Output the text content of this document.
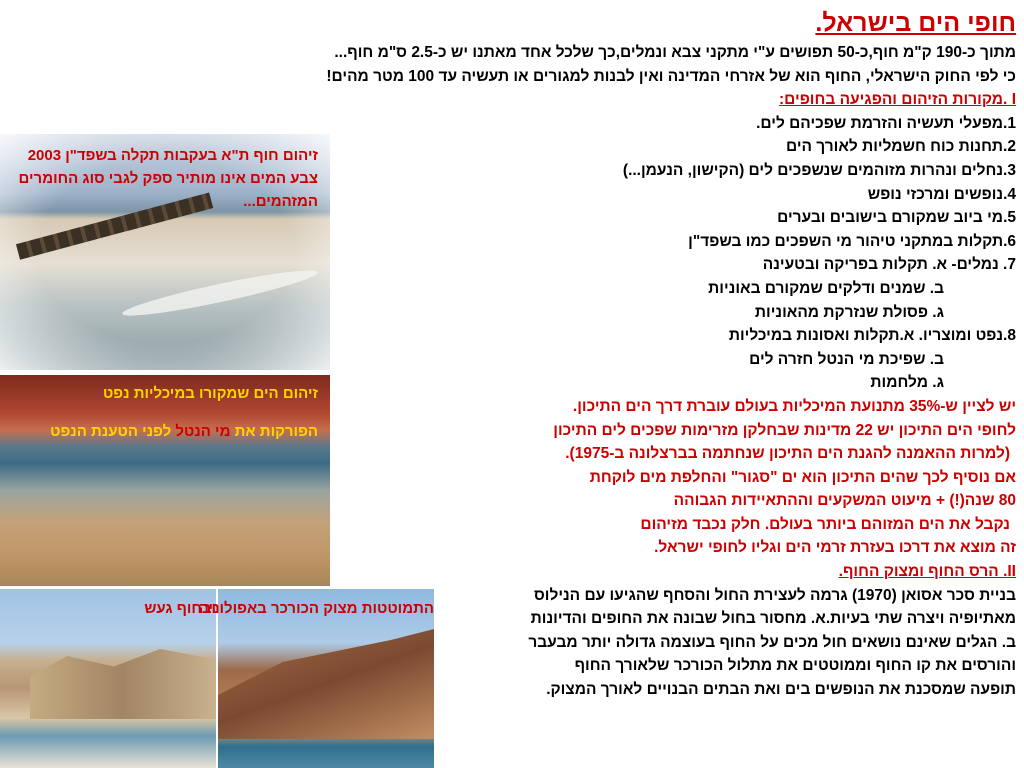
חופי הים בישראל.
מתוך כ-190 ק"מ חוף,כ-50 תפושים ע"י מתקני צבא ונמלים,כך שלכל אחד מאתנו יש כ-2.5 ס"מ חוף...
כי לפי החוק הישראלי, החוף הוא של אזרחי המדינה ואין לבנות למגורים או תעשיה עד 100 מטר מהים!
I .מקורות הזיהום והפגיעה בחופים:
1.מפעלי תעשיה והזרמת שפכיהם לים.
2.תחנות כוח חשמליות לאורך הים
3.נחלים ונהרות מזוהמים שנשפכים לים (הקישון, הנעמן...)
4.נופשים ומרכזי נופש
5.מי ביוב שמקורם בישובים ובערים
6.תקלות במתקני טיהור מי השפכים כמו בשפד"ן
7. נמלים- א. תקלות בפריקה ובטעינה
ב. שמנים ודלקים שמקורם באוניות
ג. פסולת שנזרקת מהאוניות
8.נפט ומוצריו. א.תקלות ואסונות במיכליות
ב. שפיכת מי הנטל חזרה לים
ג. מלחמות
יש לציין ש-35% מתנועת המיכליות בעולם עוברת דרך הים התיכון.
לחופי הים התיכון יש 22 מדינות שבחלקן מזרימות שפכים לים התיכון
(למרות ההאמנה להגנת הים התיכון שנחתמה בברצלונה ב-1975).
אם נוסיף לכך שהים התיכון הוא ים "סגור" והחלפת מים לוקחת
80 שנה(!) + מיעוט המשקעים וההתאיידות הגבוהה
נקבל את הים המזוהם ביותר בעולם. חלק נכבד מזיהום
זה מוצא את דרכו בעזרת זרמי הים וגליו לחופי ישראל.
II. הרס החוף ומצוק החוף.
בניית סכר אסואן (1970) גרמה לעצירת החול והסחף שהגיעו עם הנילוס
מאתיופיה ויצרה שתי בעיות.א. מחסור בחול שבונה את החופים והדיונות
ב. הגלים שאינם נושאים חול מכים על החוף בעוצמה גדולה יותר מבעבר
והורסים את קו החוף וממוטטים את מתלול הכורכר שלאורך החוף
תופעה שמסכנת את הנופשים בים ואת הבתים הבנויים לאורך המצוק.
זיהום חוף ת"א בעקבות תקלה בשפד"ן 2003 צבע המים אינו מותיר ספק לגבי סוג החומרים המזהמים...
זיהום הים שמקורו במיכליות נפט
הפורקות את מי הנטל לפני הטענת הנפט
ובחוף געש
התמוטטות מצוק הכורכר באפולוניה
